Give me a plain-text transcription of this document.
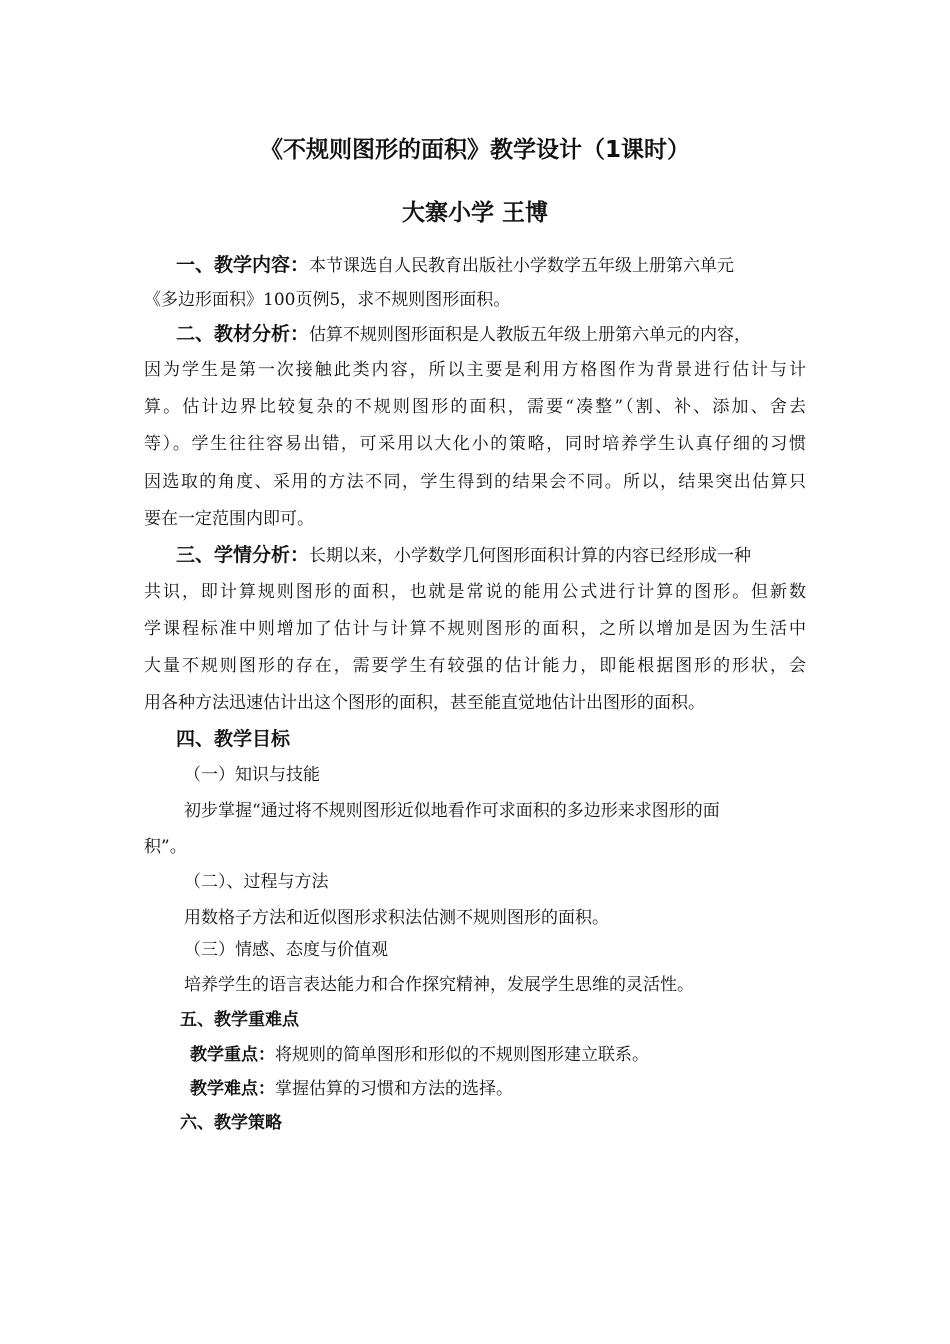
《不规则图形的面积》教学设计（1课时）
大寨小学 王博
一、教学内容：本节课选自人民教育出版社小学数学五年级上册第六单元
《多边形面积》100页例5，求不规则图形面积。
二、教材分析：估算不规则图形面积是人教版五年级上册第六单元的内容，
因为学生是第一次接触此类内容，所以主要是利用方格图作为背景进行估计与计
算。估计边界比较复杂的不规则图形的面积，需要“凑整”（割、补、添加、舍去
等）。学生往往容易出错，可采用以大化小的策略，同时培养学生认真仔细的习惯
因选取的角度、采用的方法不同，学生得到的结果会不同。所以，结果突出估算只
要在一定范围内即可。
三、学情分析：长期以来，小学数学几何图形面积计算的内容已经形成一种
共识，即计算规则图形的面积，也就是常说的能用公式进行计算的图形。但新数
学课程标准中则增加了估计与计算不规则图形的面积，之所以增加是因为生活中
大量不规则图形的存在，需要学生有较强的估计能力，即能根据图形的形状，会
用各种方法迅速估计出这个图形的面积，甚至能直觉地估计出图形的面积。
四、教学目标
（一）知识与技能
初步掌握“通过将不规则图形近似地看作可求面积的多边形来求图形的面
积”。
（二）、过程与方法
用数格子方法和近似图形求积法估测不规则图形的面积。
（三）情感、态度与价值观
培养学生的语言表达能力和合作探究精神，发展学生思维的灵活性。
五、教学重难点
教学重点：将规则的简单图形和形似的不规则图形建立联系。
教学难点：掌握估算的习惯和方法的选择。
六、教学策略
